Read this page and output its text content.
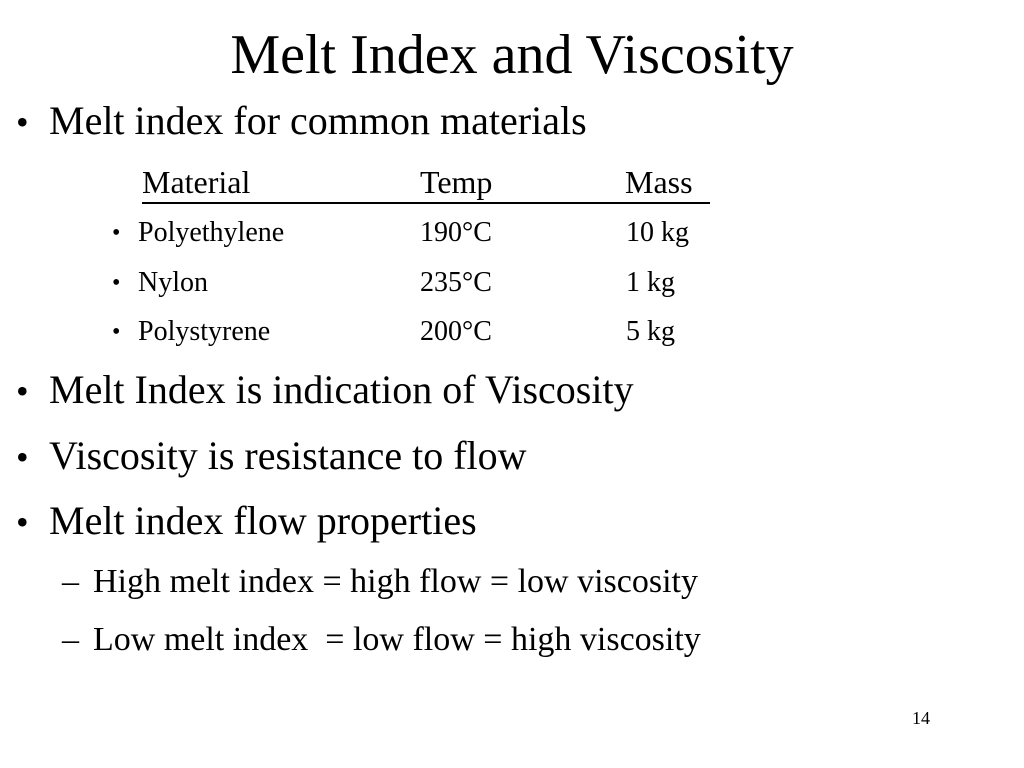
Melt Index and Viscosity
• Melt index for common materials
Material	Temp	Mass
• Polyethylene	190°C	10 kg
• Nylon	235°C	1 kg
• Polystyrene	200°C	5 kg
• Melt Index is indication of Viscosity
• Viscosity is resistance to flow
• Melt index flow properties
– High melt index = high flow = low viscosity
– Low melt index  = low flow = high viscosity
14
